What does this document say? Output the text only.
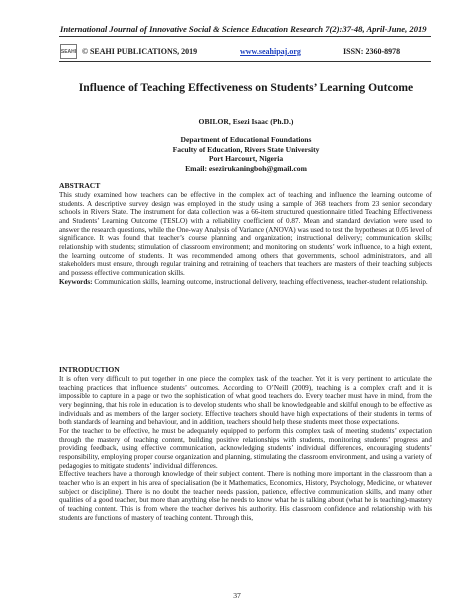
International Journal of Innovative Social & Science Education Research 7(2):37-48, April-June, 2019
SEAHI © SEAHI PUBLICATIONS, 2019	www.seahipaj.org	ISSN: 2360-8978
Influence of Teaching Effectiveness on Students’ Learning Outcome
OBILOR, Esezi Isaac (Ph.D.)
Department of Educational Foundations
Faculty of Education, Rivers State University
Port Harcourt, Nigeria
Email: esezirukaningboh@gmail.com
ABSTRACT

This study examined how teachers can be effective in the complex act of teaching and influence the learning outcome of students. A descriptive survey design was employed in the study using a sample of 368 teachers from 23 senior secondary schools in Rivers State. The instrument for data collection was a 66-item structured questionnaire titled Teaching Effectiveness and Students’ Learning Outcome (TESLO) with a reliability coefficient of 0.87. Mean and standard deviation were used to answer the research questions, while the One-way Analysis of Variance (ANOVA) was used to test the hypotheses at 0.05 level of significance. It was found that teacher’s course planning and organization; instructional delivery; communication skills; relationship with students; stimulation of classroom environment; and monitoring on students’ work influence, to a high extent, the learning outcome of students. It was recommended among others that governments, school administrators, and all stakeholders must ensure, through regular training and retraining of teachers that teachers are masters of their teaching subjects and possess effective communication skills.

Keywords: Communication skills, learning outcome, instructional delivery, teaching effectiveness, teacher-student relationship.

INTRODUCTION

It is often very difficult to put together in one piece the complex task of the teacher. Yet it is very pertinent to articulate the teaching practices that influence students’ outcomes. According to O’Neill (2009), teaching is a complex craft and it is impossible to capture in a page or two the sophistication of what good teachers do. Every teacher must have in mind, from the very beginning, that his role in education is to develop students who shall be knowledgeable and skilful enough to be effective as individuals and as members of the larger society. Effective teachers should have high expectations of their students in terms of both standards of learning and behaviour, and in addition, teachers should help these students meet those expectations.

For the teacher to be effective, he must be adequately equipped to perform this complex task of meeting students’ expectation through the mastery of teaching content, building positive relationships with students, monitoring students’ progress and providing feedback, using effective communication, acknowledging students’ individual differences, encouraging students’ responsibility, employing proper course organization and planning, stimulating the classroom environment, and using a variety of pedagogies to mitigate students’ individual differences.

Effective teachers have a thorough knowledge of their subject content. There is nothing more important in the classroom than a teacher who is an expert in his area of specialisation (be it Mathematics, Economics, History, Psychology, Medicine, or whatever subject or discipline). There is no doubt the teacher needs passion, patience, effective communication skills, and many other qualities of a good teacher, but more than anything else he needs to know what he is talking about (what he is teaching)-mastery of teaching content. This is from where the teacher derives his authority. His classroom confidence and relationship with his students are functions of mastery of teaching content. Through this,

37
